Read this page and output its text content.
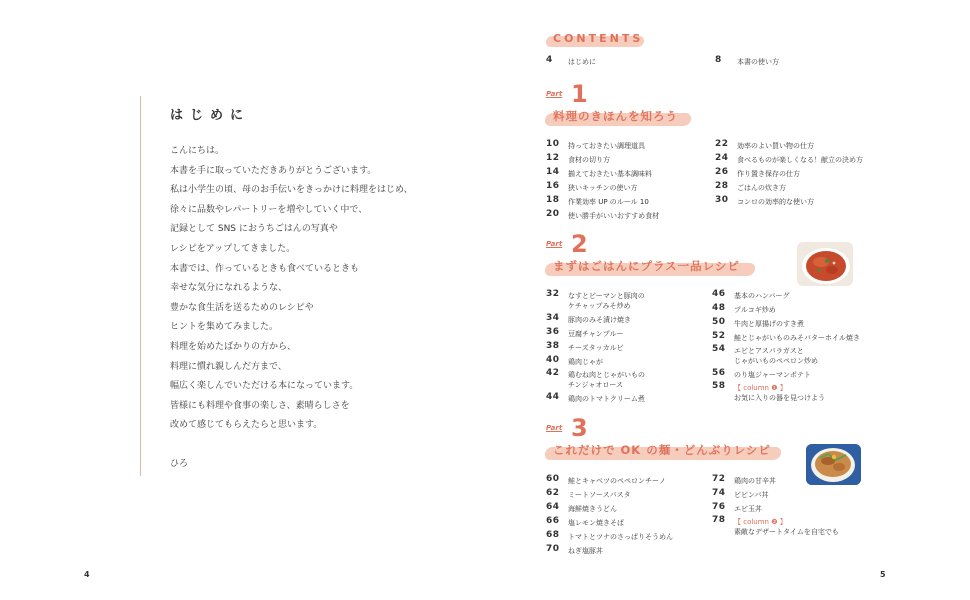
はじめに
こんにちは。
本書を手に取っていただきありがとうございます。
私は小学生の頃、母のお手伝いをきっかけに料理をはじめ、
徐々に品数やレパートリーを増やしていく中で、
記録として SNS におうちごはんの写真や
レシピをアップしてきました。
本書では、作っているときも食べているときも
幸せな気分になれるような、
豊かな食生活を送るためのレシピや
ヒントを集めてみました。
料理を始めたばかりの方から、
料理に慣れ親しんだ方まで、
幅広く楽しんでいただける本になっています。
皆様にも料理や食事の楽しさ、素晴らしさを
改めて感じてもらえたらと思います。
ひろ
4
CONTENTS
4 はじめに	8 本書の使い方
Part 1
料理のきほんを知ろう
10 持っておきたい調理道具
12 食材の切り方
14 揃えておきたい基本調味料
16 狭いキッチンの使い方
18 作業効率 UP のルール 10
20 使い勝手がいいおすすめ食材
22 効率のよい買い物の仕方
24 食べるものが楽しくなる！献立の決め方
26 作り置き保存の仕方
28 ごはんの炊き方
30 コンロの効率的な使い方
Part 2
まずはごはんにプラス一品レシピ
32 なすとピーマンと豚肉の
ケチャップみそ炒め
34 豚肉のみそ漬け焼き
36 豆腐チャンプルー
38 チーズタッカルビ
40 鶏肉じゃが
42 鶏むね肉とじゃがいもの
チンジャオロース
44 鶏肉のトマトクリーム煮
46 基本のハンバーグ
48 プルコギ炒め
50 牛肉と厚揚げのすき煮
52 鮭とじゃがいものみそバターホイル焼き
54 エビとアスパラガスと
じゃがいものペペロン炒め
56 のり塩ジャーマンポテト
58 【 column ❶ 】
お気に入りの器を見つけよう
Part 3
これだけで OK の麺・どんぶりレシピ
60 鮭とキャベツのペペロンチーノ
62 ミートソースパスタ
64 海鮮焼きうどん
66 塩レモン焼きそば
68 トマトとツナのさっぱりそうめん
70 ねぎ塩豚丼
72 鶏肉の甘辛丼
74 ビビンバ丼
76 エビ玉丼
78 【 column ❷ 】
素敵なデザートタイムを自宅でも
5
